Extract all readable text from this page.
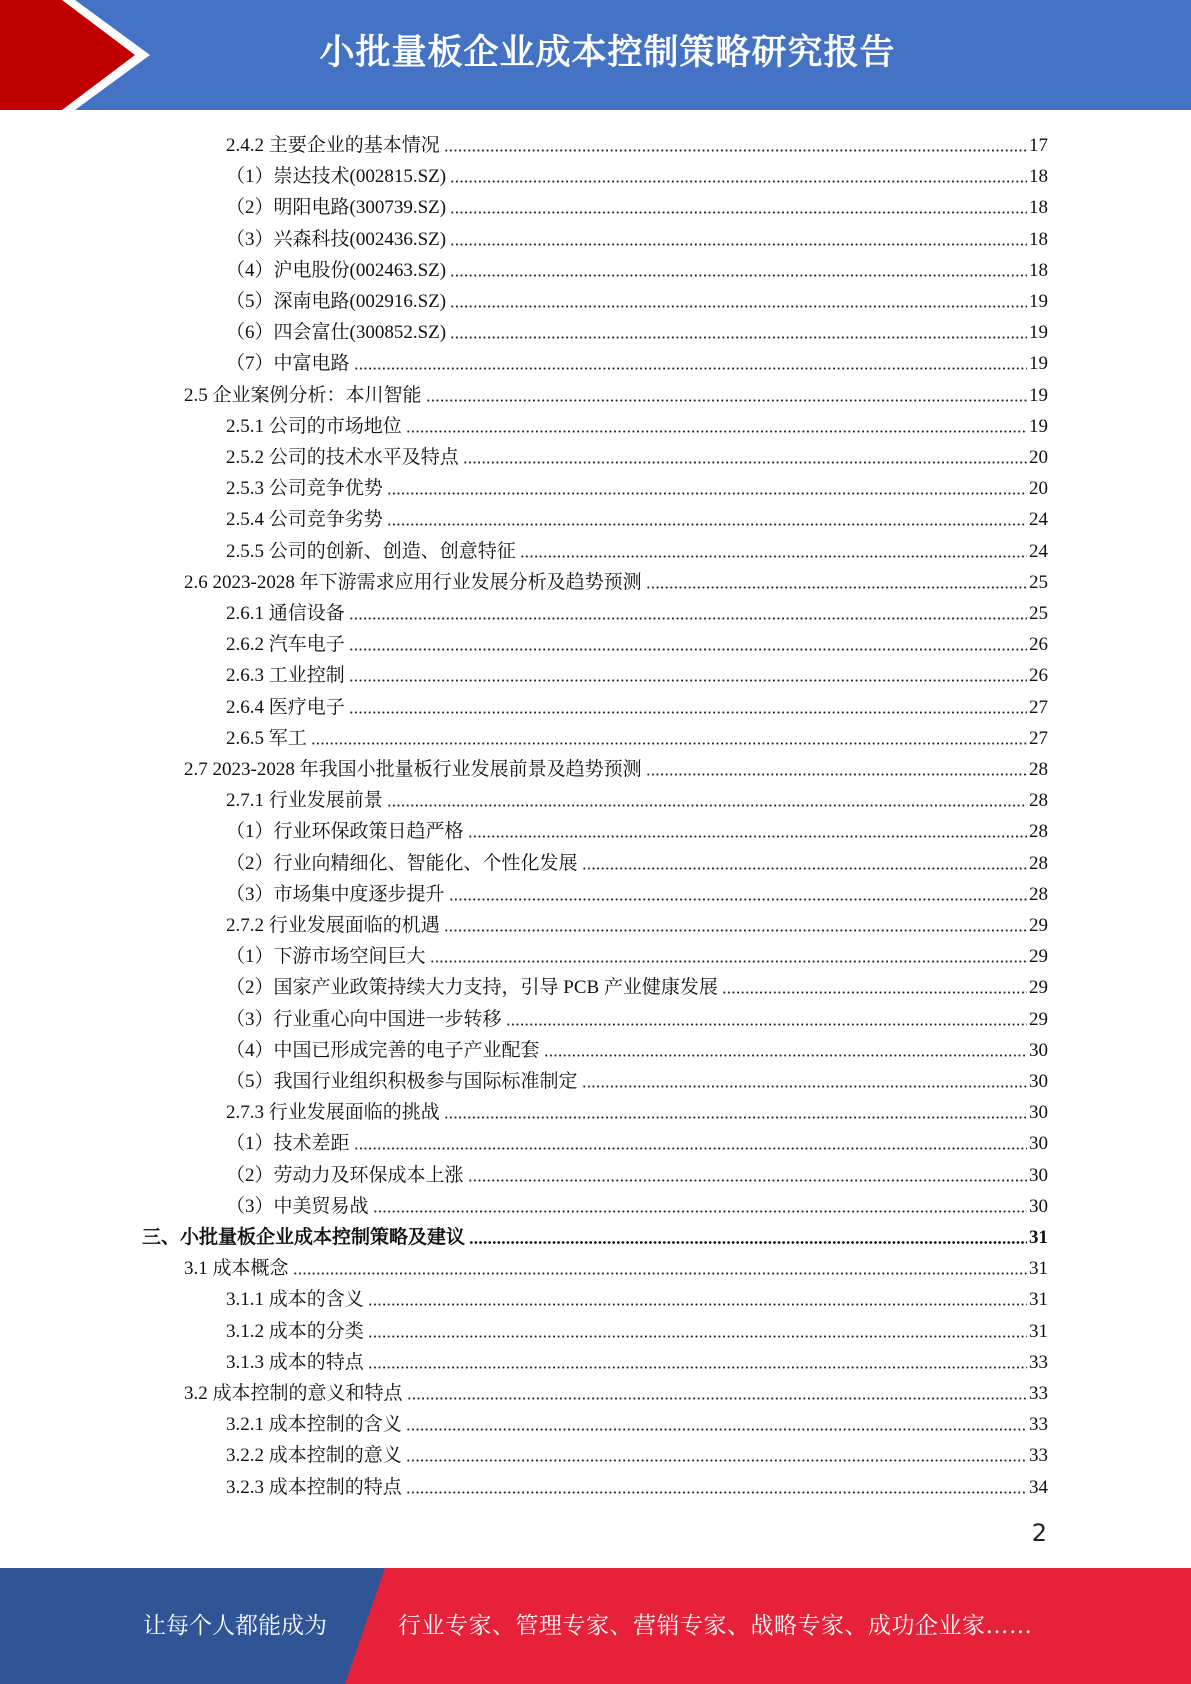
小批量板企业成本控制策略研究报告
2.4.2 主要企业的基本情况	17
（1）崇达技术(002815.SZ)	18
（2）明阳电路(300739.SZ)	18
（3）兴森科技(002436.SZ)	18
（4）沪电股份(002463.SZ)	18
（5）深南电路(002916.SZ)	19
（6）四会富仕(300852.SZ)	19
（7）中富电路	19
2.5 企业案例分析：本川智能	19
2.5.1 公司的市场地位	19
2.5.2 公司的技术水平及特点	20
2.5.3 公司竞争优势	20
2.5.4 公司竞争劣势	24
2.5.5 公司的创新、创造、创意特征	24
2.6 2023-2028 年下游需求应用行业发展分析及趋势预测	25
2.6.1 通信设备	25
2.6.2 汽车电子	26
2.6.3 工业控制	26
2.6.4 医疗电子	27
2.6.5 军工	27
2.7 2023-2028 年我国小批量板行业发展前景及趋势预测	28
2.7.1 行业发展前景	28
（1）行业环保政策日趋严格	28
（2）行业向精细化、智能化、个性化发展	28
（3）市场集中度逐步提升	28
2.7.2 行业发展面临的机遇	29
（1）下游市场空间巨大	29
（2）国家产业政策持续大力支持，引导 PCB 产业健康发展	29
（3）行业重心向中国进一步转移	29
（4）中国已形成完善的电子产业配套	30
（5）我国行业组织积极参与国际标准制定	30
2.7.3 行业发展面临的挑战	30
（1）技术差距	30
（2）劳动力及环保成本上涨	30
（3）中美贸易战	30
三、小批量板企业成本控制策略及建议	31
3.1 成本概念	31
3.1.1 成本的含义	31
3.1.2 成本的分类	31
3.1.3 成本的特点	33
3.2 成本控制的意义和特点	33
3.2.1 成本控制的含义	33
3.2.2 成本控制的意义	33
3.2.3 成本控制的特点	34
2
让每个人都能成为	行业专家、管理专家、营销专家、战略专家、成功企业家……
